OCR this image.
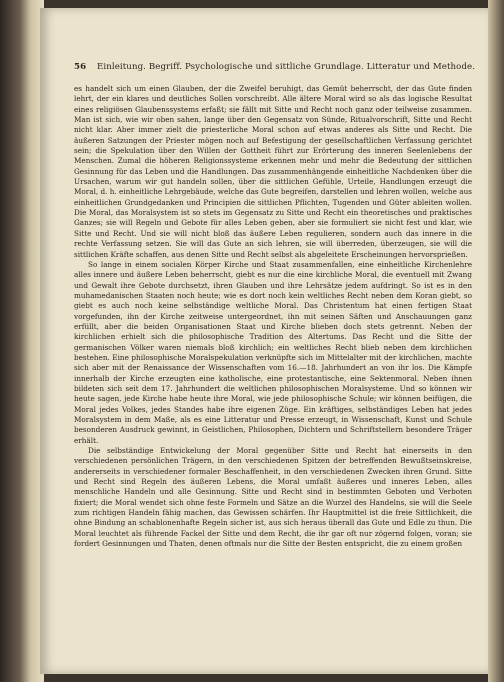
56 Einleitung. Begriff. Psychologische und sittliche Grundlage. Litteratur und Methode.

es handelt sich um einen Glauben, der die Zweifel beruhigt, das Gemüt beherrscht, der das Gute finden lehrt, der ein klares und deutliches Sollen vorschreibt. Alle ältere Moral wird so als das logische Resultat eines religiösen Glaubenssystems erfaßt; sie fällt mit Sitte und Recht noch ganz oder teilweise zusammen. Man ist sich, wie wir oben sahen, lange über den Gegensatz von Sünde, Ritualvorschrift, Sitte und Recht nicht klar. Aber immer zielt die priesterliche Moral schon auf etwas anderes als Sitte und Recht. Die äußeren Satzungen der Priester mögen noch auf Befestigung der gesellschaftlichen Verfassung gerichtet sein; die Spekulation über den Willen der Gottheit führt zur Erörterung des inneren Seelenlebens der Menschen. Zumal die höheren Religionssysteme erkennen mehr und mehr die Bedeutung der sittlichen Gesinnung für das Leben und die Handlungen. Das zusammenhängende einheitliche Nachdenken über die Ursachen, warum wir gut handeln sollen, über die sittlichen Gefühle, Urteile, Handlungen erzeugt die Moral, d. h. einheitliche Lehrgebäude, welche das Gute begreifen, darstellen und lehren wollen, welche aus einheitlichen Grundgedanken und Principien die sittlichen Pflichten, Tugenden und Güter ableiten wollen. Die Moral, das Moralsystem ist so stets im Gegensatz zu Sitte und Recht ein theoretisches und praktisches Ganzes; sie will Regeln und Gebote für alles Leben geben, aber sie formuliert sie nicht fest und klar, wie Sitte und Recht. Und sie will nicht bloß das äußere Leben regulieren, sondern auch das innere in die rechte Verfassung setzen. Sie will das Gute an sich lehren, sie will überreden, überzeugen, sie will die sittlichen Kräfte schaffen, aus denen Sitte und Recht selbst als abgeleitete Erscheinungen hervorsprießen.

So lange in einem socialen Körper Kirche und Staat zusammenfallen, eine einheitliche Kirchenlehre alles innere und äußere Leben beherrscht, giebt es nur die eine kirchliche Moral, die eventuell mit Zwang und Gewalt ihre Gebote durchsetzt, ihren Glauben und ihre Lehrsätze jedem aufdringt. So ist es in den muhamedanischen Staaten noch heute; wie es dort noch kein weltliches Recht neben dem Koran giebt, so giebt es auch noch keine selbständige weltliche Moral. Das Christentum hat einen fertigen Staat vorgefunden, ihn der Kirche zeitweise untergeordnet, ihn mit seinen Säften und Anschauungen ganz erfüllt, aber die beiden Organisationen Staat und Kirche blieben doch stets getrennt. Neben der kirchlichen erhielt sich die philosophische Tradition des Altertums. Das Recht und die Sitte der germanischen Völker waren niemals bloß kirchlich; ein weltliches Recht blieb neben dem kirchlichen bestehen. Eine philosophische Moralspekulation verknüpfte sich im Mittelalter mit der kirchlichen, machte sich aber mit der Renaissance der Wissenschaften vom 16.—18. Jahrhundert an von ihr los. Die Kämpfe innerhalb der Kirche erzeugten eine katholische, eine protestantische, eine Sektenmoral. Neben ihnen bildeten sich seit dem 17. Jahrhundert die weltlichen philosophischen Moralsysteme. Und so können wir heute sagen, jede Kirche habe heute ihre Moral, wie jede philosophische Schule; wir können beifügen, die Moral jedes Volkes, jedes Standes habe ihre eigenen Züge. Ein kräftiges, selbständiges Leben hat jedes Moralsystem in dem Maße, als es eine Litteratur und Presse erzeugt, in Wissenschaft, Kunst und Schule besonderen Ausdruck gewinnt, in Geistlichen, Philosophen, Dichtern und Schriftstellern besondere Träger erhält.

Die selbständige Entwickelung der Moral gegenüber Sitte und Recht hat einerseits in den verschiedenen persönlichen Trägern, in den verschiedenen Spitzen der betreffenden Bewußtseinskreise, andererseits in verschiedener formaler Beschaffenheit, in den verschiedenen Zwecken ihren Grund. Sitte und Recht sind Regeln des äußeren Lebens, die Moral umfaßt äußeres und inneres Leben, alles menschliche Handeln und alle Gesinnung. Sitte und Recht sind in bestimmten Geboten und Verboten fixiert; die Moral wendet sich ohne feste Formeln und Sätze an die Wurzel des Handelns, sie will die Seele zum richtigen Handeln fähig machen, das Gewissen schärfen. Ihr Hauptmittel ist die freie Sittlichkeit, die ohne Bindung an schablonenhafte Regeln sicher ist, aus sich heraus überall das Gute und Edle zu thun. Die Moral leuchtet als führende Fackel der Sitte und dem Recht, die ihr gar oft nur zögernd folgen, voran; sie fordert Gesinnungen und Thaten, denen oftmals nur die Sitte der Besten entspricht, die zu einem großen
